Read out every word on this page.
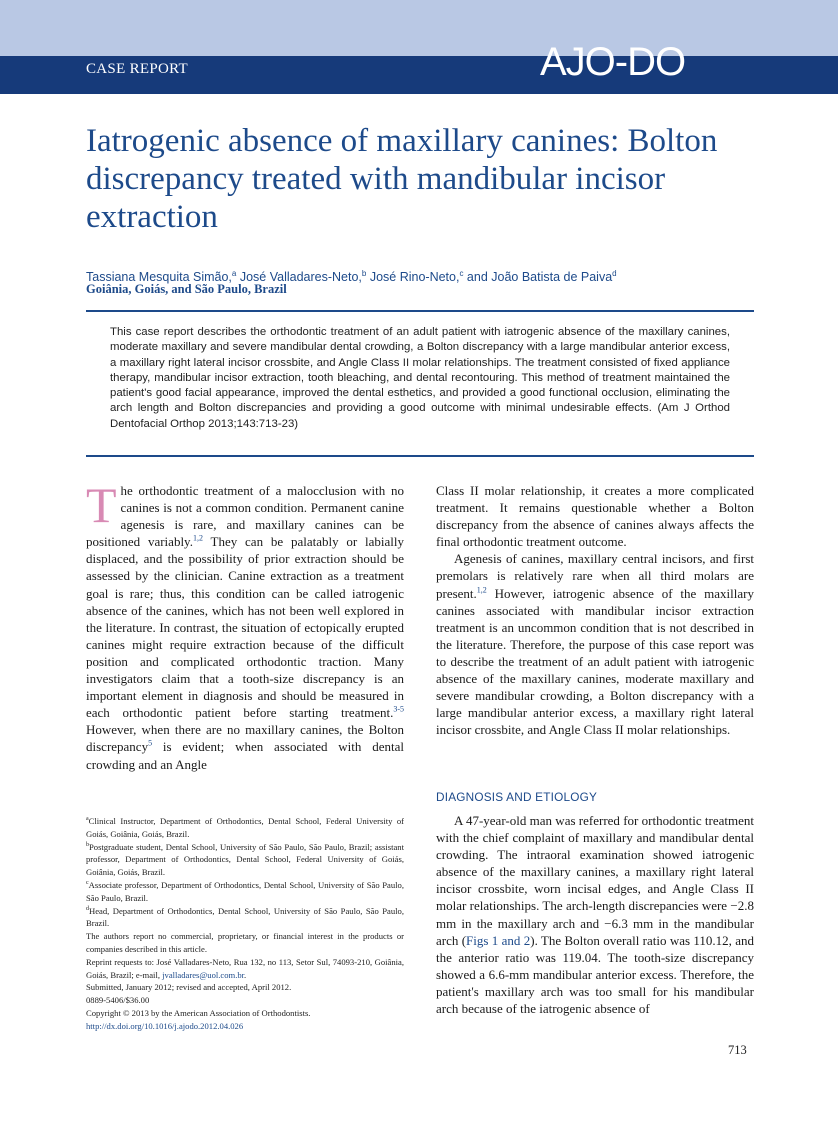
CASE REPORT	AJO-DO
Iatrogenic absence of maxillary canines: Bolton discrepancy treated with mandibular incisor extraction
Tassiana Mesquita Simão,$^a$ José Valladares-Neto,$^b$ José Rino-Neto,$^c$ and João Batista de Paiva$^d$
Goiânia, Goiás, and São Paulo, Brazil

This case report describes the orthodontic treatment of an adult patient with iatrogenic absence of the maxillary canines, moderate maxillary and severe mandibular dental crowding, a Bolton discrepancy with a large mandibular anterior excess, a maxillary right lateral incisor crossbite, and Angle Class II molar relationships. The treatment consisted of fixed appliance therapy, mandibular incisor extraction, tooth bleaching, and dental recontouring. This method of treatment maintained the patient's good facial appearance, improved the dental esthetics, and provided a good functional occlusion, eliminating the arch length and Bolton discrepancies and providing a good outcome with minimal undesirable effects. (Am J Orthod Dentofacial Orthop 2013;143:713-23)

The orthodontic treatment of a malocclusion with no canines is not a common condition. Permanent canine agenesis is rare, and maxillary canines can be positioned variably.$^{1,2}$ They can be palatably or labially displaced, and the possibility of prior extraction should be assessed by the clinician. Canine extraction as a treatment goal is rare; thus, this condition can be called iatrogenic absence of the canines, which has not been well explored in the literature. In contrast, the situation of ectopically erupted canines might require extraction because of the difficult position and complicated orthodontic traction. Many investigators claim that a tooth-size discrepancy is an important element in diagnosis and should be measured in each orthodontic patient before starting treatment.$^{3-5}$ However, when there are no maxillary canines, the Bolton discrepancy$^5$ is evident; when associated with dental crowding and an Angle

Class II molar relationship, it creates a more complicated treatment. It remains questionable whether a Bolton discrepancy from the absence of canines always affects the final orthodontic treatment outcome.

Agenesis of canines, maxillary central incisors, and first premolars is relatively rare when all third molars are present.$^{1,2}$ However, iatrogenic absence of the maxillary canines associated with mandibular incisor extraction treatment is an uncommon condition that is not described in the literature. Therefore, the purpose of this case report was to describe the treatment of an adult patient with iatrogenic absence of the maxillary canines, moderate maxillary and severe mandibular crowding, a Bolton discrepancy with a large mandibular anterior excess, a maxillary right lateral incisor crossbite, and Angle Class II molar relationships.

DIAGNOSIS AND ETIOLOGY

A 47-year-old man was referred for orthodontic treatment with the chief complaint of maxillary and mandibular dental crowding. The intraoral examination showed iatrogenic absence of the maxillary canines, a maxillary right lateral incisor crossbite, worn incisal edges, and Angle Class II molar relationships. The arch-length discrepancies were −2.8 mm in the maxillary arch and −6.3 mm in the mandibular arch (Figs 1 and 2). The Bolton overall ratio was 110.12, and the anterior ratio was 119.04. The tooth-size discrepancy showed a 6.6-mm mandibular anterior excess. Therefore, the patient's maxillary arch was too small for his mandibular arch because of the iatrogenic absence of

$^a$Clinical Instructor, Department of Orthodontics, Dental School, Federal University of Goiás, Goiânia, Goiás, Brazil.

$^b$Postgraduate student, Dental School, University of São Paulo, São Paulo, Brazil; assistant professor, Department of Orthodontics, Dental School, Federal University of Goiás, Goiânia, Goiás, Brazil.

$^c$Associate professor, Department of Orthodontics, Dental School, University of São Paulo, São Paulo, Brazil.

$^d$Head, Department of Orthodontics, Dental School, University of São Paulo, São Paulo, Brazil.

The authors report no commercial, proprietary, or financial interest in the products or companies described in this article.

Reprint requests to: José Valladares-Neto, Rua 132, no 113, Setor Sul, 74093-210, Goiânia, Goiás, Brazil; e-mail, jvalladares@uol.com.br.

Submitted, January 2012; revised and accepted, April 2012.

0889-5406/$36.00

Copyright © 2013 by the American Association of Orthodontists.

http://dx.doi.org/10.1016/j.ajodo.2012.04.026

713
